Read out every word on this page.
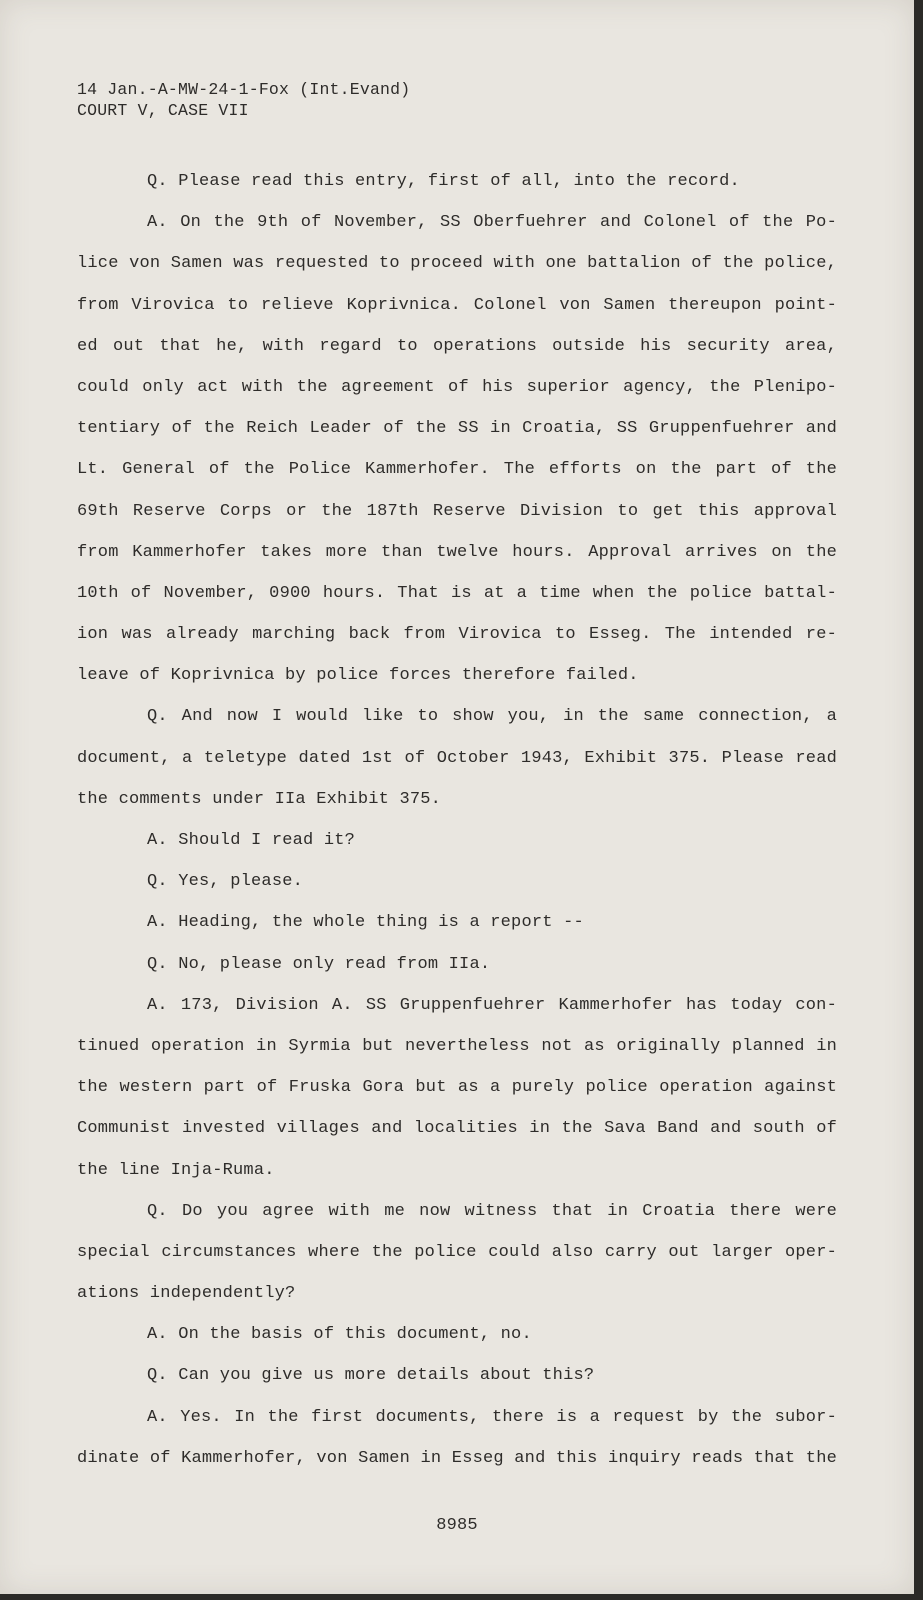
14 Jan.-A-MW-24-1-Fox (Int.Evand)
COURT V, CASE VII
Q. Please read this entry, first of all, into the record.
A. On the 9th of November, SS Oberfuehrer and Colonel of the Po-
lice von Samen was requested to proceed with one battalion of the police,
from Virovica to relieve Koprivnica. Colonel von Samen thereupon point-
ed out that he, with regard to operations outside his security area,
could only act with the agreement of his superior agency, the Plenipo-
tentiary of the Reich Leader of the SS in Croatia, SS Gruppenfuehrer and
Lt. General of the Police Kammerhofer. The efforts on the part of the
69th Reserve Corps or the 187th Reserve Division to get this approval
from Kammerhofer takes more than twelve hours. Approval arrives on the
10th of November, 0900 hours. That is at a time when the police battal-
ion was already marching back from Virovica to Esseg. The intended re-
leave of Koprivnica by police forces therefore failed.
Q. And now I would like to show you, in the same connection, a
document, a teletype dated 1st of October 1943, Exhibit 375. Please read
the comments under IIa Exhibit 375.
A. Should I read it?
Q. Yes, please.
A. Heading, the whole thing is a report --
Q. No, please only read from IIa.
A. 173, Division A. SS Gruppenfuehrer Kammerhofer has today con-
tinued operation in Syrmia but nevertheless not as originally planned in
the western part of Fruska Gora but as a purely police operation against
Communist invested villages and localities in the Sava Band and south of
the line Inja-Ruma.
Q. Do you agree with me now witness that in Croatia there were
special circumstances where the police could also carry out larger oper-
ations independently?
A. On the basis of this document, no.
Q. Can you give us more details about this?
A. Yes. In the first documents, there is a request by the subor-
dinate of Kammerhofer, von Samen in Esseg and this inquiry reads that the
8985
